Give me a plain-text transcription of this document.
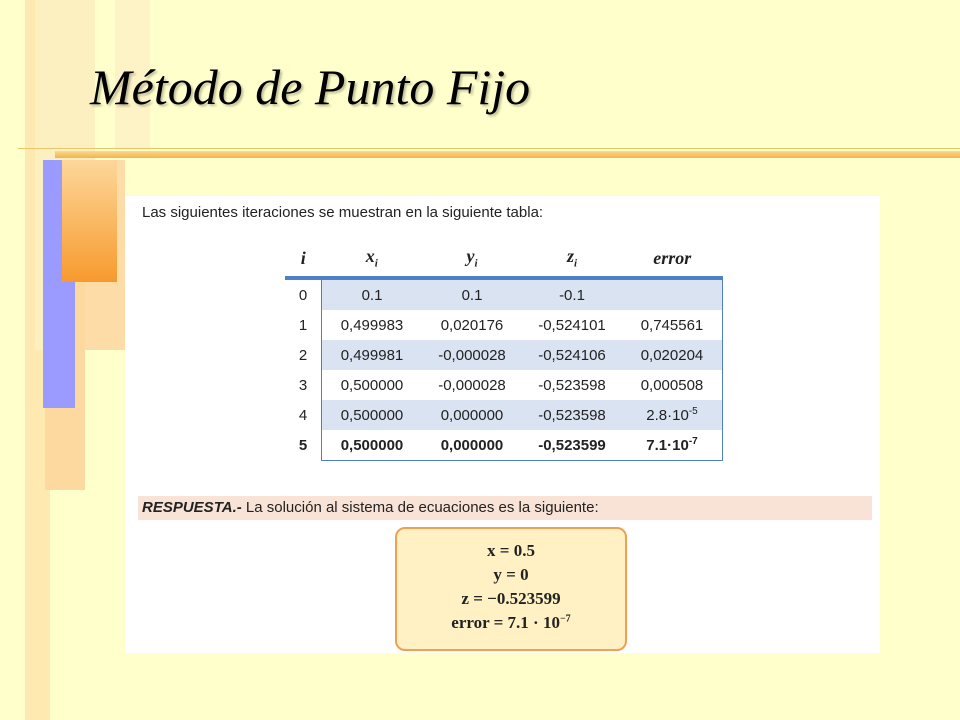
Método de Punto Fijo
Las siguientes iteraciones se muestran en la siguiente tabla:
i	$x_i$	$y_i$	$z_i$	error
0	0.1	0.1	-0.1	
1	0,499983	0,020176	-0,524101	0,745561
2	0,499981	-0,000028	-0,524106	0,020204
3	0,500000	-0,000028	-0,523598	0,000508
4	0,500000	0,000000	-0,523598	$2.8\cdot 10^{-5}$
5	0,500000	0,000000	-0,523599	$7.1\cdot 10^{-7}$
RESPUESTA.- La solución al sistema de ecuaciones es la siguiente:
x = 0.5
y = 0
z = −0.523599
error = $7.1 \cdot 10^{-7}$
